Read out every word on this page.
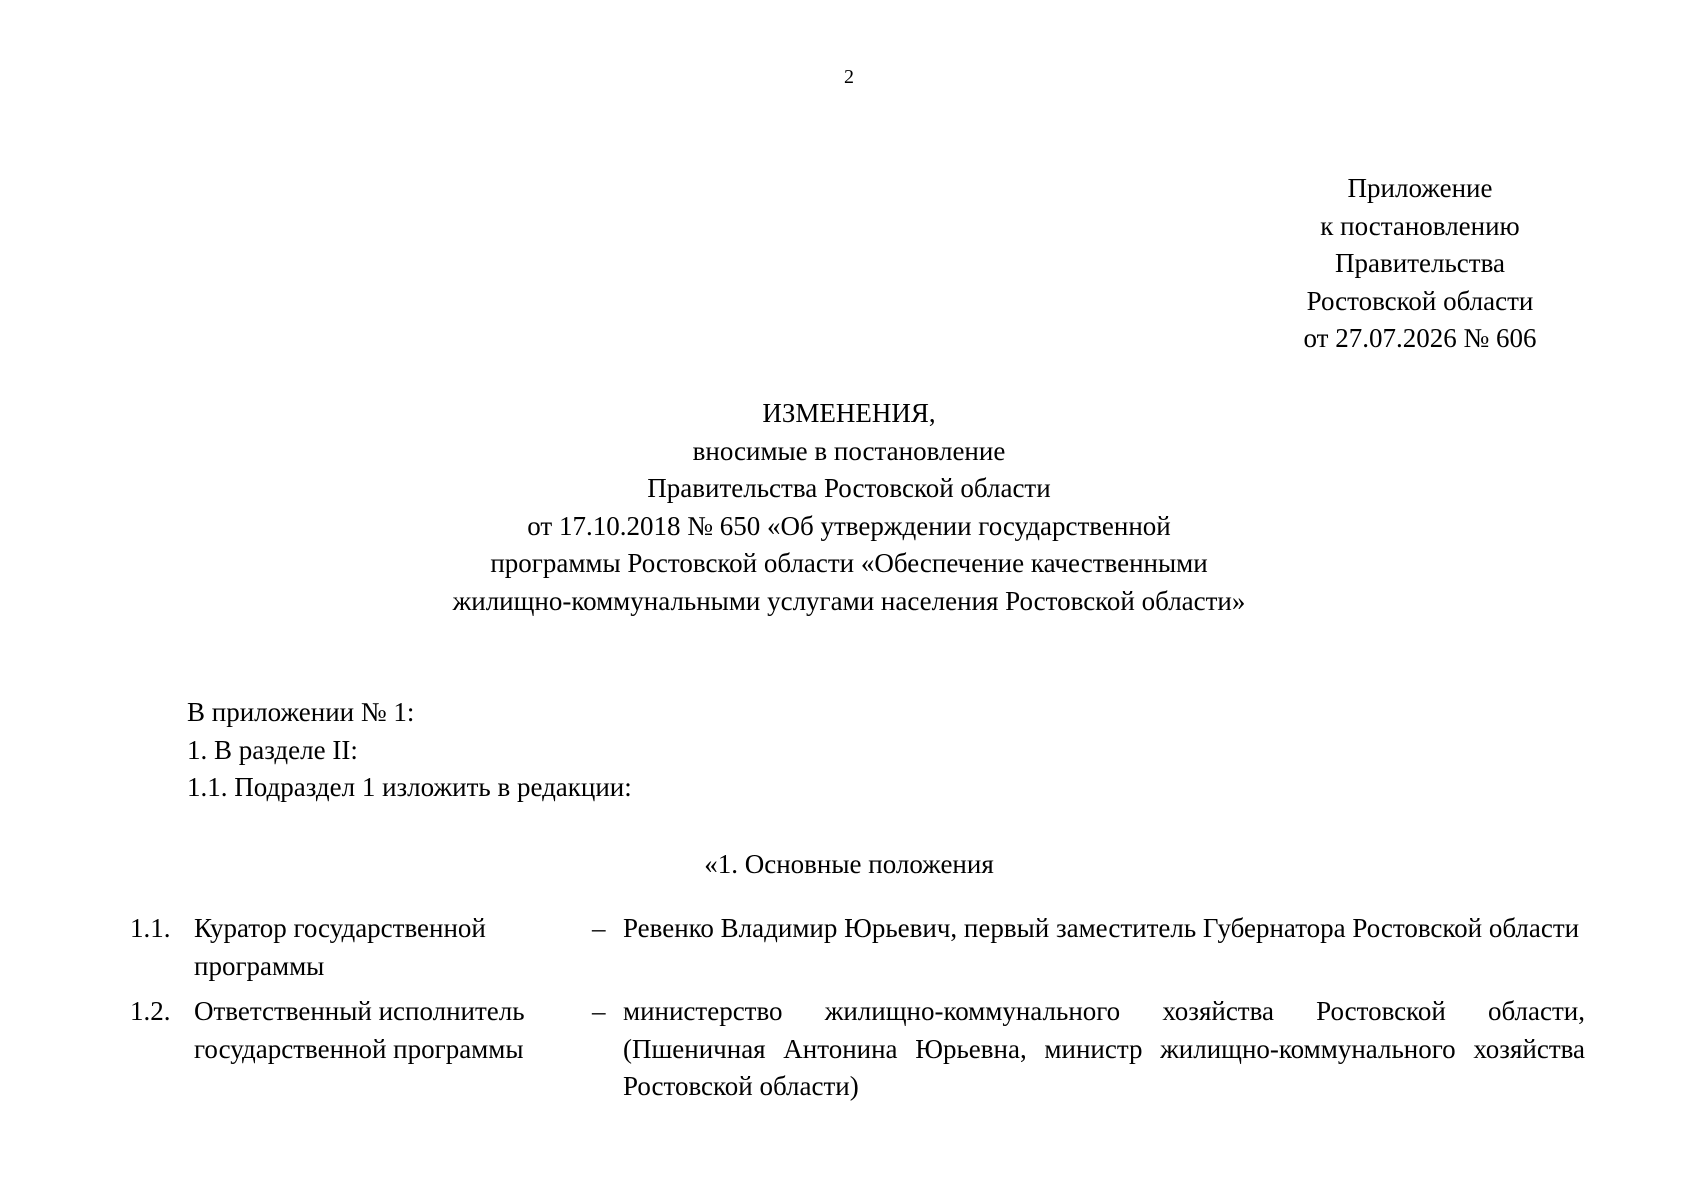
2
Приложение
к постановлению
Правительства
Ростовской области
от 27.07.2026 № 606
ИЗМЕНЕНИЯ,
вносимые в постановление
Правительства Ростовской области
от 17.10.2018 № 650 «Об утверждении государственной
программы Ростовской области «Обеспечение качественными
жилищно-коммунальными услугами населения Ростовской области»
В приложении № 1:
1. В разделе II:
1.1. Подраздел 1 изложить в редакции:
«1. Основные положения
1.1. Куратор государственной программы
– Ревенко Владимир Юрьевич, первый заместитель Губернатора Ростовской области
1.2. Ответственный исполнитель государственной программы
– министерство жилищно-коммунального хозяйства Ростовской области, (Пшеничная Антонина Юрьевна, министр жилищно-коммунального хозяйства Ростовской области)
